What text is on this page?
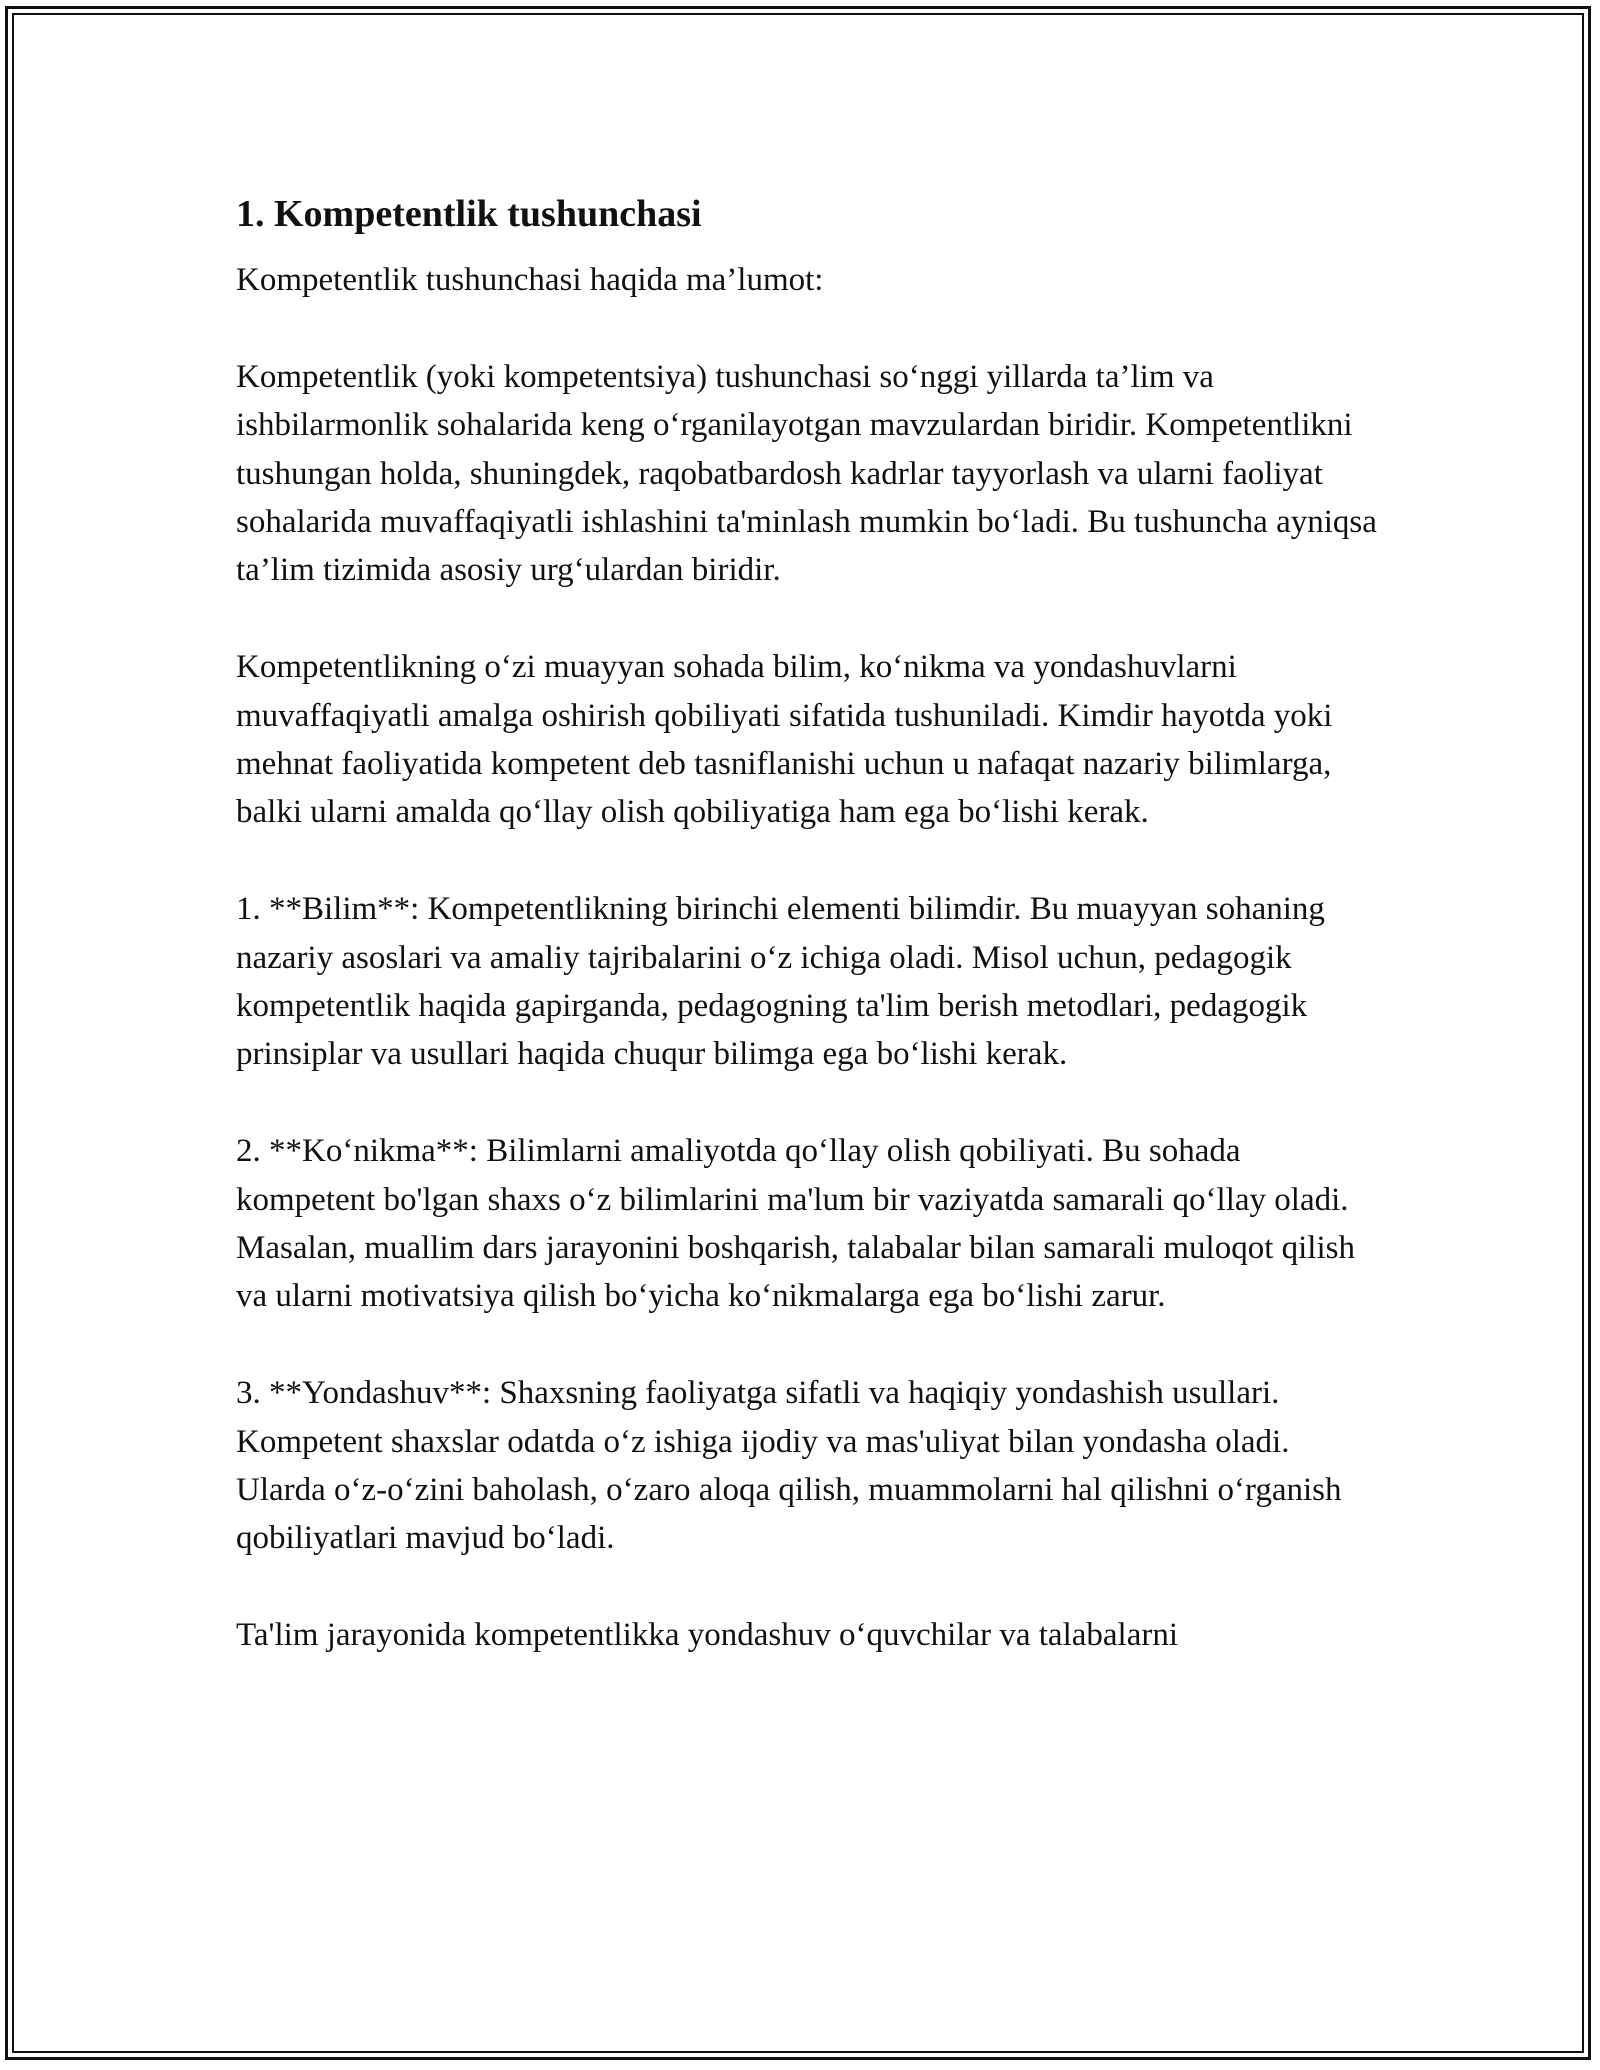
1. Kompetentlik tushunchasi

Kompetentlik tushunchasi haqida ma’lumot:

Kompetentlik (yoki kompetentsiya) tushunchasi so‘nggi yillarda ta’lim va ishbilarmonlik sohalarida keng o‘rganilayotgan mavzulardan biridir. Kompetentlikni tushungan holda, shuningdek, raqobatbardosh kadrlar tayyorlash va ularni faoliyat sohalarida muvaffaqiyatli ishlashini ta'minlash mumkin bo‘ladi. Bu tushuncha ayniqsa ta’lim tizimida asosiy urg‘ulardan biridir.

Kompetentlikning o‘zi muayyan sohada bilim, ko‘nikma va yondashuvlarni muvaffaqiyatli amalga oshirish qobiliyati sifatida tushuniladi. Kimdir hayotda yoki mehnat faoliyatida kompetent deb tasniflanishi uchun u nafaqat nazariy bilimlarga, balki ularni amalda qo‘llay olish qobiliyatiga ham ega bo‘lishi kerak.

1. **Bilim**: Kompetentlikning birinchi elementi bilimdir. Bu muayyan sohaning nazariy asoslari va amaliy tajribalarini o‘z ichiga oladi. Misol uchun, pedagogik kompetentlik haqida gapirganda, pedagogning ta'lim berish metodlari, pedagogik prinsiplar va usullari haqida chuqur bilimga ega bo‘lishi kerak.

2. **Ko‘nikma**: Bilimlarni amaliyotda qo‘llay olish qobiliyati. Bu sohada kompetent bo'lgan shaxs o‘z bilimlarini ma'lum bir vaziyatda samarali qo‘llay oladi. Masalan, muallim dars jarayonini boshqarish, talabalar bilan samarali muloqot qilish va ularni motivatsiya qilish bo‘yicha ko‘nikmalarga ega bo‘lishi zarur.

3. **Yondashuv**: Shaxsning faoliyatga sifatli va haqiqiy yondashish usullari. Kompetent shaxslar odatda o‘z ishiga ijodiy va mas'uliyat bilan yondasha oladi. Ularda o‘z-o‘zini baholash, o‘zaro aloqa qilish, muammolarni hal qilishni o‘rganish qobiliyatlari mavjud bo‘ladi.

Ta'lim jarayonida kompetentlikka yondashuv o‘quvchilar va talabalarni
